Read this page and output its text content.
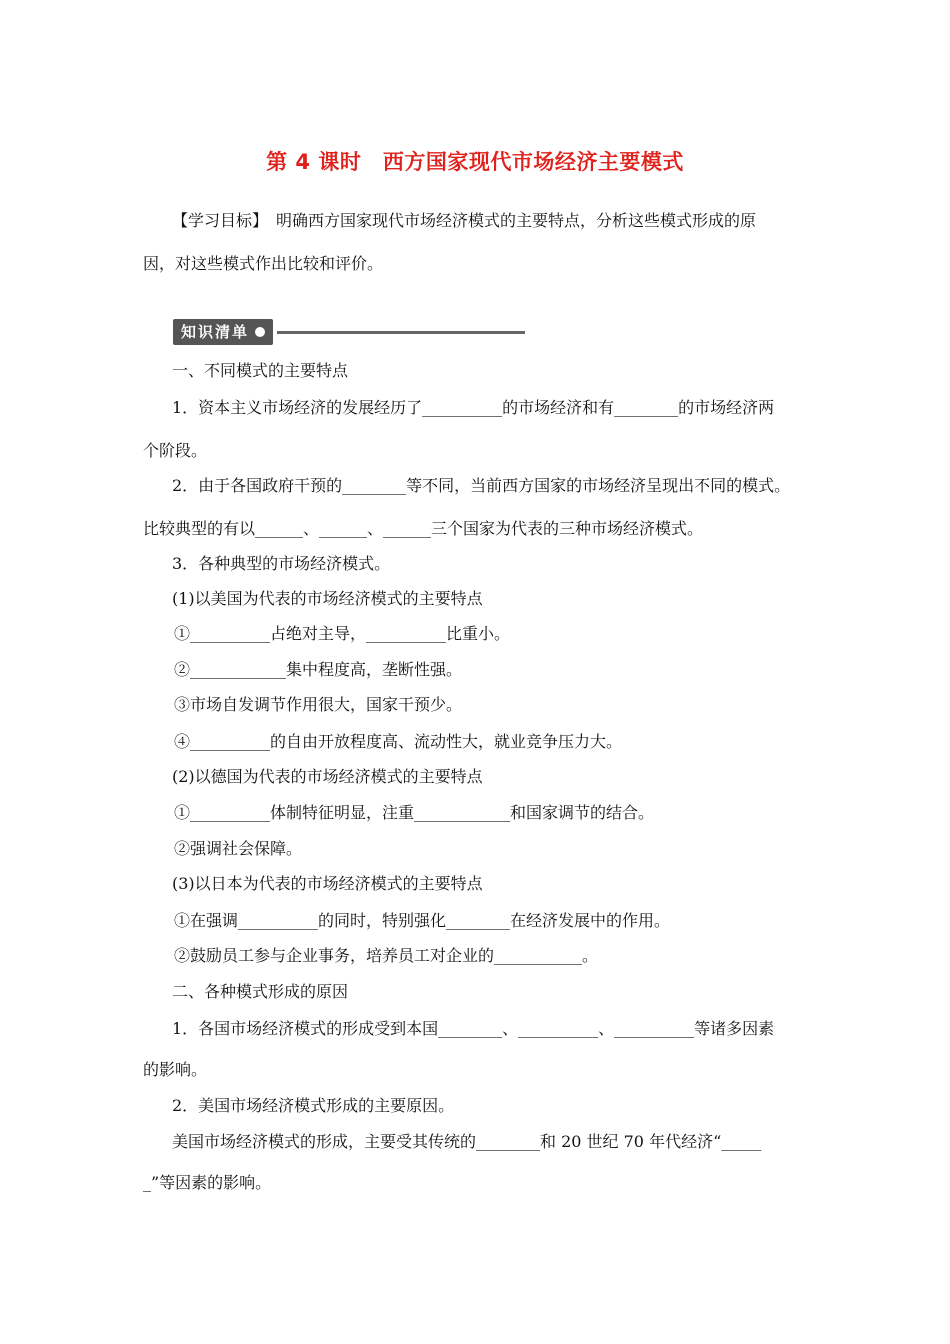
第 4 课时　西方国家现代市场经济主要模式
【学习目标】　明确西方国家现代市场经济模式的主要特点，分析这些模式形成的原
因，对这些模式作出比较和评价。
知识清单
一、不同模式的主要特点
1．资本主义市场经济的发展经历了__________的市场经济和有________的市场经济两
个阶段。
2．由于各国政府干预的________等不同，当前西方国家的市场经济呈现出不同的模式。
比较典型的有以______、______、______三个国家为代表的三种市场经济模式。
3．各种典型的市场经济模式。
(1)以美国为代表的市场经济模式的主要特点
①__________占绝对主导，__________比重小。
②____________集中程度高，垄断性强。
③市场自发调节作用很大，国家干预少。
④__________的自由开放程度高、流动性大，就业竞争压力大。
(2)以德国为代表的市场经济模式的主要特点
①__________体制特征明显，注重____________和国家调节的结合。
②强调社会保障。
(3)以日本为代表的市场经济模式的主要特点
①在强调__________的同时，特别强化________在经济发展中的作用。
②鼓励员工参与企业事务，培养员工对企业的___________。
二、各种模式形成的原因
1．各国市场经济模式的形成受到本国________、__________、__________等诸多因素
的影响。
2．美国市场经济模式形成的主要原因。
美国市场经济模式的形成，主要受其传统的________和 20 世纪 70 年代经济“_____
_”等因素的影响。
